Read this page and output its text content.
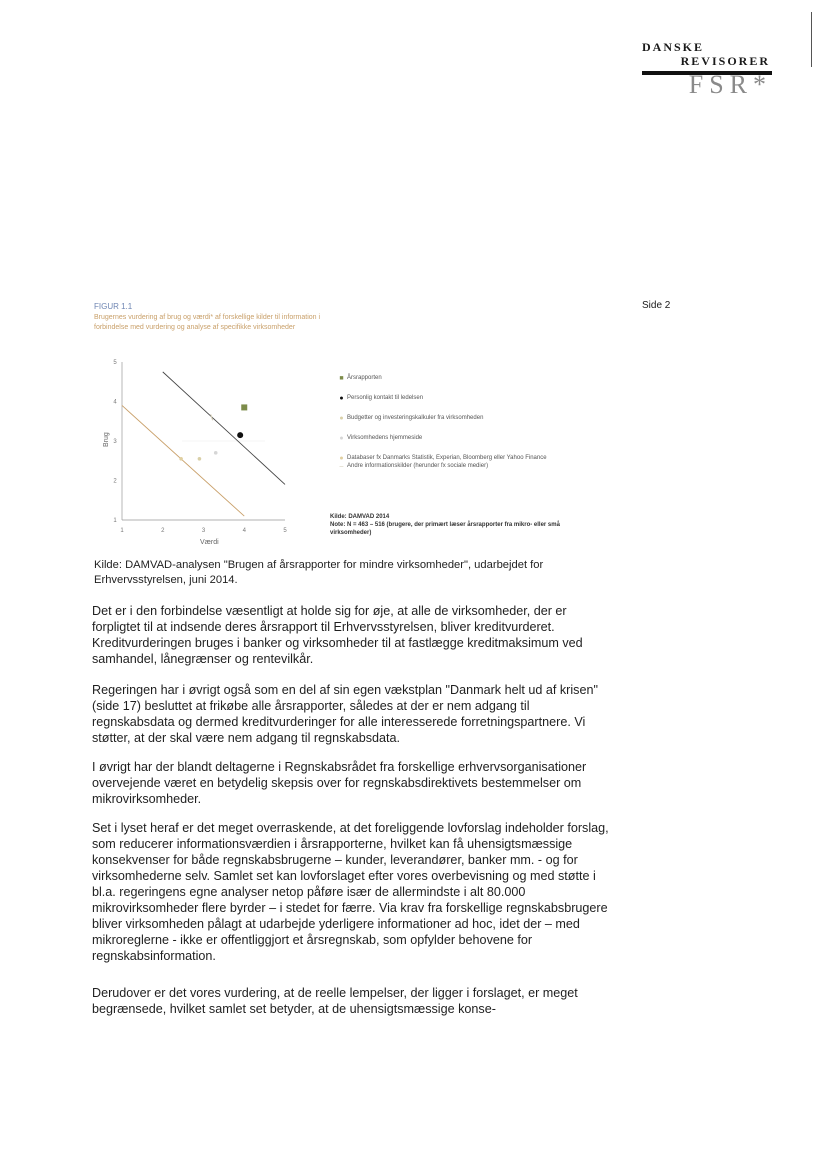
DANSKE
REVISORER
FSR*
Side 2
FIGUR 1.1
Brugernes vurdering af brug og værdi* af forskellige kilder til information i forbindelse med vurdering og analyse af specifikke virksomheder
1	2	3	4	5
1
2
3
4
5
Værdi
Brug
■ Årsrapporten
● Personlig kontakt til ledelsen
● Budgetter og investeringskalkuler fra virksomheden
● Virksomhedens hjemmeside
● Databaser fx Danmarks Statistik, Experian, Bloomberg eller Yahoo Finance
– Andre informationskilder (herunder fx sociale medier)
Kilde: DAMVAD 2014
Note: N = 463 – 516 (brugere, der primært læser årsrapporter fra mikro- eller små virksomheder)

Kilde: DAMVAD-analysen "Brugen af årsrapporter for mindre virksomheder", udarbejdet for Erhvervsstyrelsen, juni 2014.

Det er i den forbindelse væsentligt at holde sig for øje, at alle de virksomheder, der er forpligtet til at indsende deres årsrapport til Erhvervsstyrelsen, bliver kreditvurderet. Kreditvurderingen bruges i banker og virksomheder til at fastlægge kreditmaksimum ved samhandel, lånegrænser og rentevilkår.

Regeringen har i øvrigt også som en del af sin egen vækstplan "Danmark helt ud af krisen" (side 17) besluttet at frikøbe alle årsrapporter, således at der er nem adgang til regnskabsdata og dermed kreditvurderinger for alle interesserede forretningspartnere. Vi støtter, at der skal være nem adgang til regnskabsdata.

I øvrigt har der blandt deltagerne i Regnskabsrådet fra forskellige erhvervsorganisationer overvejende været en betydelig skepsis over for regnskabsdirektivets bestemmelser om mikrovirksomheder.

Set i lyset heraf er det meget overraskende, at det foreliggende lovforslag indeholder forslag, som reducerer informationsværdien i årsrapporterne, hvilket kan få uhensigtsmæssige konsekvenser for både regnskabsbrugerne – kunder, leverandører, banker mm. - og for virksomhederne selv. Samlet set kan lovforslaget efter vores overbevisning og med støtte i bl.a. regeringens egne analyser netop påføre især de allermindste i alt 80.000 mikrovirksomheder flere byrder – i stedet for færre. Via krav fra forskellige regnskabsbrugere bliver virksomheden pålagt at udarbejde yderligere informationer ad hoc, idet der – med mikroreglerne - ikke er offentliggjort et årsregnskab, som opfylder behovene for regnskabsinformation.

Derudover er det vores vurdering, at de reelle lempelser, der ligger i forslaget, er meget begrænsede, hvilket samlet set betyder, at de uhensigtsmæssige konse-
